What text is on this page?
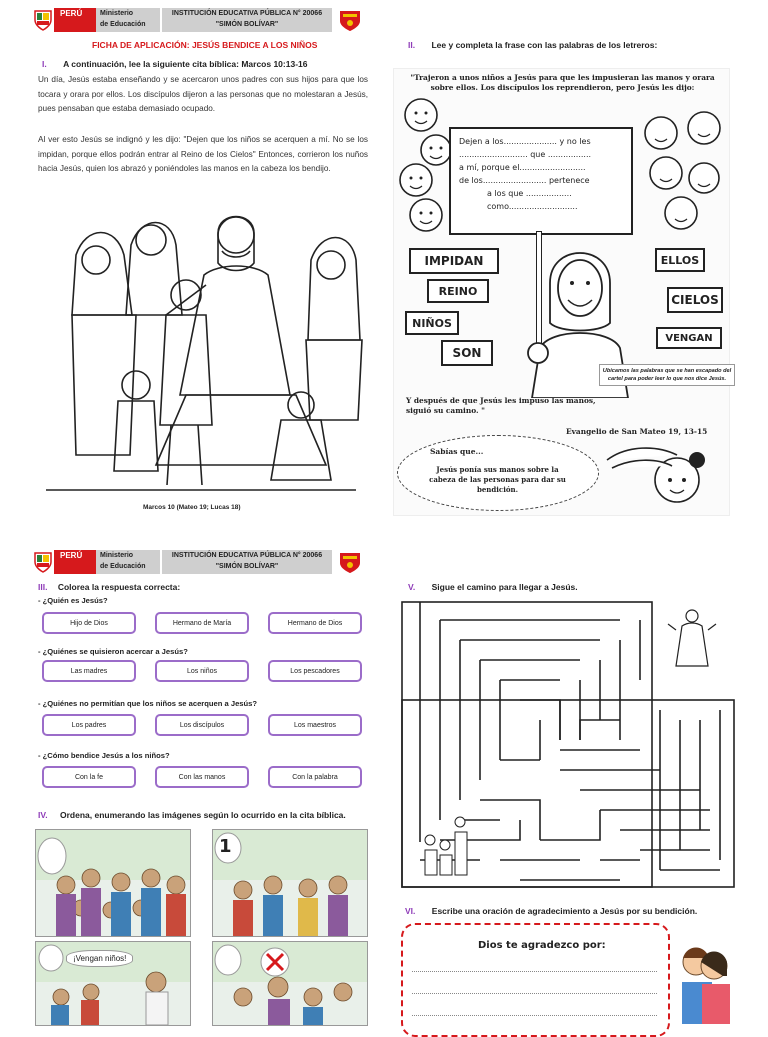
PERÚ	Ministerio
de Educación
INSTITUCIÓN EDUCATIVA PÚBLICA N° 20066
"SIMÓN BOLÍVAR"
FICHA DE APLICACIÓN: JESÚS BENDICE A LOS NIÑOS
I. A continuación, lee la siguiente cita bíblica: Marcos 10:13-16
Un día, Jesús estaba enseñando y se acercaron unos padres con sus hijos para que los tocara y orara por ellos. Los discípulos dijeron a las personas que no molestaran a Jesús, pues pensaban que estaba demasiado ocupado.
Al ver esto Jesús se indignó y les dijo: "Dejen que los niños se acerquen a mí. No se los impidan, porque ellos podrán entrar al Reino de los Cielos" Entonces, corrieron los nuños hacia Jesús, quien los abrazó y poniéndoles las manos en la cabeza los bendijo.
Marcos 10 (Mateo 19; Lucas 18)
II. Lee y completa la frase con las palabras de los letreros:
"Trajeron a unos niños a Jesús para que les impusieran las manos y orara sobre ellos. Los discípulos los reprendieron, pero Jesús les dijo:
Dejen a los..................... y no les
........................... que .................
a mí, porque el..........................
de los......................... pertenece
a los que ..................
como...........................
IMPIDAN
REINO
NIÑOS
SON
ELLOS
CIELOS
VENGAN
Ubicamos las palabras que se han escapado del cartel para poder leer lo que nos dice Jesús.
Y después de que Jesús les impuso las manos, siguió su camino. "
Evangelio de San Mateo 19, 13-15
Sabías que...
Jesús ponía sus manos sobre la cabeza de las personas para dar su bendición.
PERÚ	Ministerio
de Educación
INSTITUCIÓN EDUCATIVA PÚBLICA N° 20066
"SIMÓN BOLÍVAR"
III. Colorea la respuesta correcta:
- ¿Quién es Jesús?
Hijo de Dios	Hermano de María	Hermano de Dios
- ¿Quiénes se quisieron acercar a Jesús?
Las madres	Los niños	Los pescadores
- ¿Quiénes no permitían que los niños se acerquen a Jesús?
Los padres	Los discípulos	Los maestros
- ¿Cómo bendice Jesús a los niños?
Con la fe	Con las manos	Con la palabra
IV. Ordena, enumerando las imágenes según lo ocurrido en la cita bíblica.
1
¡Vengan niños!
V. Sigue el camino para llegar a Jesús.
VI. Escribe una oración de agradecimiento a Jesús por su bendición.
Dios te agradezco por:
